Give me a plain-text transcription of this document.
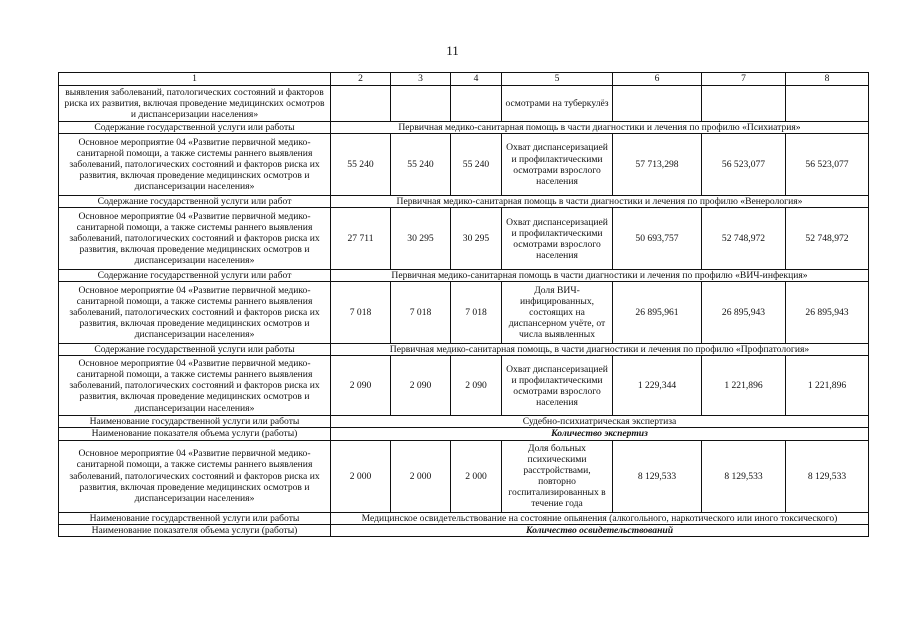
11
1	2	3	4	5	6	7	8
выявления заболеваний, патологических состояний и факторов риска их развития, включая проведение медицинских осмотров и диспансеризации населения»				осмотрами на туберкулёз			
Содержание государственной услуги или работы	Первичная медико-санитарная помощь в части диагностики и лечения по профилю «Психиатрия»						
Основное мероприятие 04 «Развитие первичной медико-санитарной помощи, а также системы раннего выявления заболеваний, патологических состояний и факторов риска их развития, включая проведение медицинских осмотров и диспансеризации населения»	55 240	55 240	55 240	Охват диспансеризацией и профилактическими осмотрами взрослого населения	57 713,298	56 523,077	56 523,077
Содержание государственной услуги или работ	Первичная медико-санитарная помощь в части диагностики и лечения по профилю «Венерология»						
Основное мероприятие 04 «Развитие первичной медико-санитарной помощи, а также системы раннего выявления заболеваний, патологических состояний и факторов риска их развития, включая проведение медицинских осмотров и диспансеризации населения»	27 711	30 295	30 295	Охват диспансеризацией и профилактическими осмотрами взрослого населения	50 693,757	52 748,972	52 748,972
Содержание государственной услуги или работ	Первичная медико-санитарная помощь в части диагностики и лечения по профилю «ВИЧ-инфекция»						
Основное мероприятие 04 «Развитие первичной медико-санитарной помощи, а также системы раннего выявления заболеваний, патологических состояний и факторов риска их развития, включая проведение медицинских осмотров и диспансеризации населения»	7 018	7 018	7 018	Доля ВИЧ-инфицированных, состоящих на диспансерном учёте, от числа выявленных	26 895,961	26 895,943	26 895,943
Содержание государственной услуги или работы	Первичная медико-санитарная помощь, в части диагностики и лечения по профилю «Профпатология»						
Основное мероприятие 04 «Развитие первичной медико-санитарной помощи, а также системы раннего выявления заболеваний, патологических состояний и факторов риска их развития, включая проведение медицинских осмотров и диспансеризации населения»	2 090	2 090	2 090	Охват диспансеризацией и профилактическими осмотрами взрослого населения	1 229,344	1 221,896	1 221,896
Наименование государственной услуги или работы	Судебно-психиатрическая экспертиза						
Наименование показателя объема услуги (работы)	Количество экспертиз						
Основное мероприятие 04 «Развитие первичной медико-санитарной помощи, а также системы раннего выявления заболеваний, патологических состояний и факторов риска их развития, включая проведение медицинских осмотров и диспансеризации населения»	2 000	2 000	2 000	Доля больных психическими расстройствами, повторно госпитализированных в течение года	8 129,533	8 129,533	8 129,533
Наименование государственной услуги или работы	Медицинское освидетельствование на состояние опьянения (алкогольного, наркотического или иного токсического)						
Наименование показателя объема услуги (работы)	Количество освидетельствований						
